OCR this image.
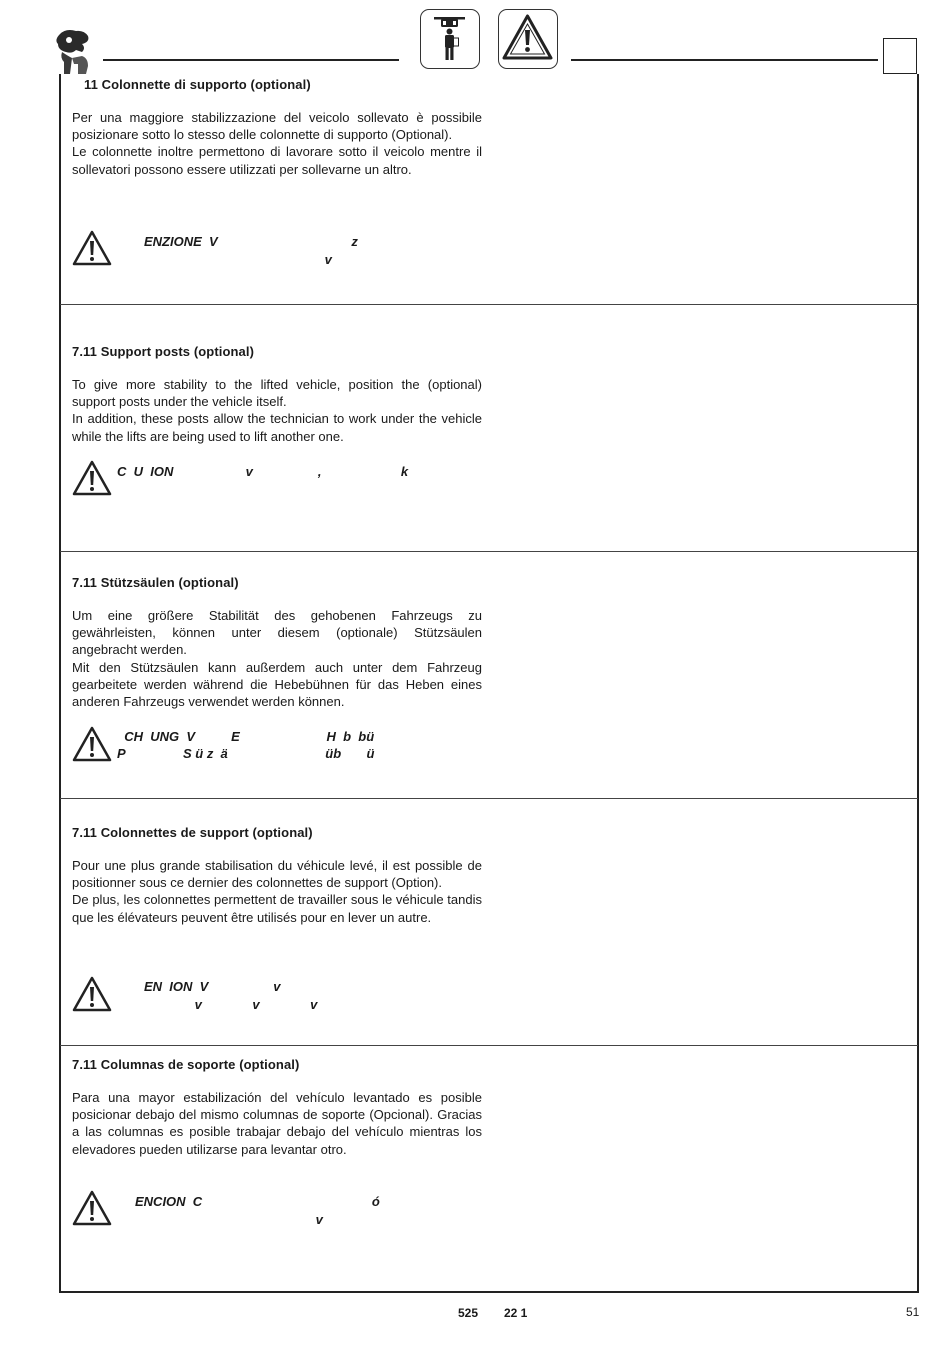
11 Colonnette di supporto (optional)

Per una maggiore stabilizzazione del veicolo sollevato è possibile posizionare sotto lo stesso delle colonnette di supporto (Optional).

Le colonnette inoltre permettono di lavorare sotto il veicolo mentre il sollevatori possono essere utilizzati per sollevarne un altro.

ENZIONE  V                                     z
v
7.11 Support posts (optional)

To give more stability to the lifted vehicle, position the (optional) support posts under the vehicle itself.

In addition, these posts allow the technician to work under the vehicle while the lifts are being used to lift another one.

C  U  ION                    v                  ,                      k
7.11 Stützsäulen (optional)

Um eine größere Stabilität des gehobenen Fahrzeugs zu gewährleisten, können unter diesem (optionale) Stützsäulen angebracht werden.

Mit den Stützsäulen kann außerdem auch unter dem Fahrzeug gearbeitete werden während die Hebebühnen für das Heben eines anderen Fahrzeugs verwendet werden können.

CH  UNG  V          E                        H  b  bü
P                S ü z  ä                           üb       ü
7.11 Colonnettes de support (optional)

Pour une plus grande stabilisation du véhicule levé, il est possible de positionner sous ce dernier des colonnettes de support (Option).

De plus, les colonnettes permettent de travailler sous le véhicule tandis que les élévateurs peuvent être utilisés pour en lever un autre.

EN  ION  V                  v
v              v              v
7.11 Columnas de soporte (optional)

Para una mayor estabilización del vehículo levantado es posible posicionar debajo del mismo columnas de soporte (Opcional). Gracias a las columnas es posible trabajar debajo del vehículo mientras los elevadores pueden utilizarse para levantar otro.

ENCION  C                                               ó
v
525 22 1	51
